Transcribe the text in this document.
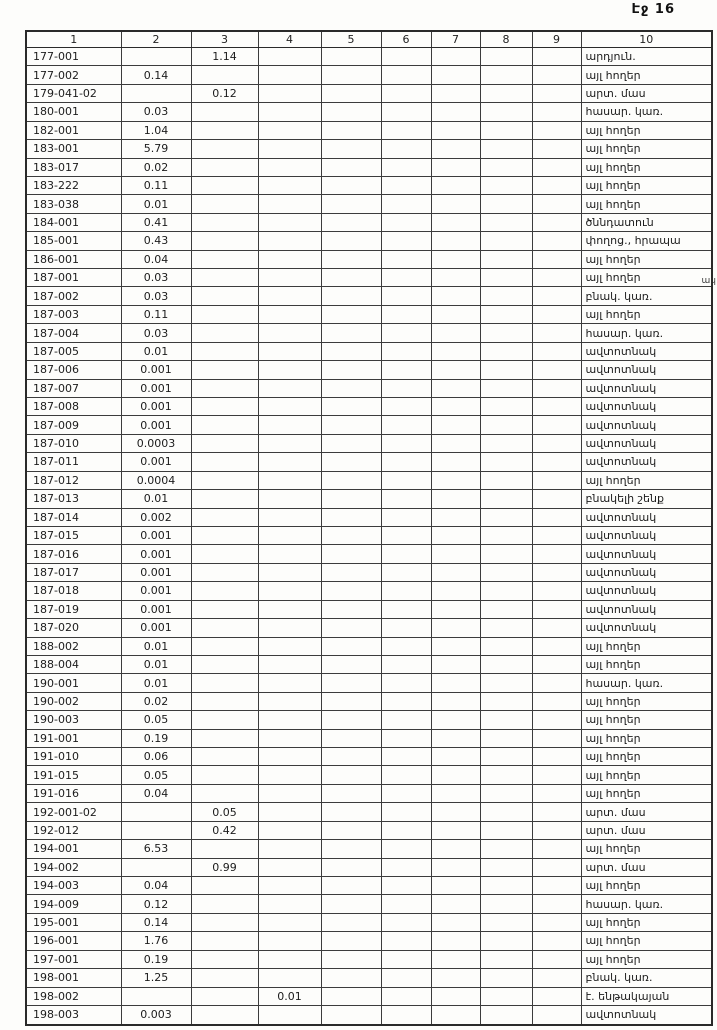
Էջ 16
ակ
1	2	3	4	5	6	7	8	9	10
177-001		1.14							արդյուն.
177-002	0.14								այլ հողեր
179-041-02		0.12							արտ. մաս
180-001	0.03								հասար. կառ.
182-001	1.04								այլ հողեր
183-001	5.79								այլ հողեր
183-017	0.02								այլ հողեր
183-222	0.11								այլ հողեր
183-038	0.01								այլ հողեր
184-001	0.41								ծննդատուն
185-001	0.43								փողոց., հրապա
186-001	0.04								այլ հողեր
187-001	0.03								այլ հողեր
187-002	0.03								բնակ. կառ.
187-003	0.11								այլ հողեր
187-004	0.03								հասար. կառ.
187-005	0.01								ավտոտնակ
187-006	0.001								ավտոտնակ
187-007	0.001								ավտոտնակ
187-008	0.001								ավտոտնակ
187-009	0.001								ավտոտնակ
187-010	0.0003								ավտոտնակ
187-011	0.001								ավտոտնակ
187-012	0.0004								այլ հողեր
187-013	0.01								բնակելի շենք
187-014	0.002								ավտոտնակ
187-015	0.001								ավտոտնակ
187-016	0.001								ավտոտնակ
187-017	0.001								ավտոտնակ
187-018	0.001								ավտոտնակ
187-019	0.001								ավտոտնակ
187-020	0.001								ավտոտնակ
188-002	0.01								այլ հողեր
188-004	0.01								այլ հողեր
190-001	0.01								հասար. կառ.
190-002	0.02								այլ հողեր
190-003	0.05								այլ հողեր
191-001	0.19								այլ հողեր
191-010	0.06								այլ հողեր
191-015	0.05								այլ հողեր
191-016	0.04								այլ հողեր
192-001-02		0.05							արտ. մաս
192-012		0.42							արտ. մաս
194-001	6.53								այլ հողեր
194-002		0.99							արտ. մաս
194-003	0.04								այլ հողեր
194-009	0.12								հասար. կառ.
195-001	0.14								այլ հողեր
196-001	1.76								այլ հողեր
197-001	0.19								այլ հողեր
198-001	1.25								բնակ. կառ.
198-002			0.01						է. ենթակայան
198-003	0.003								ավտոտնակ
